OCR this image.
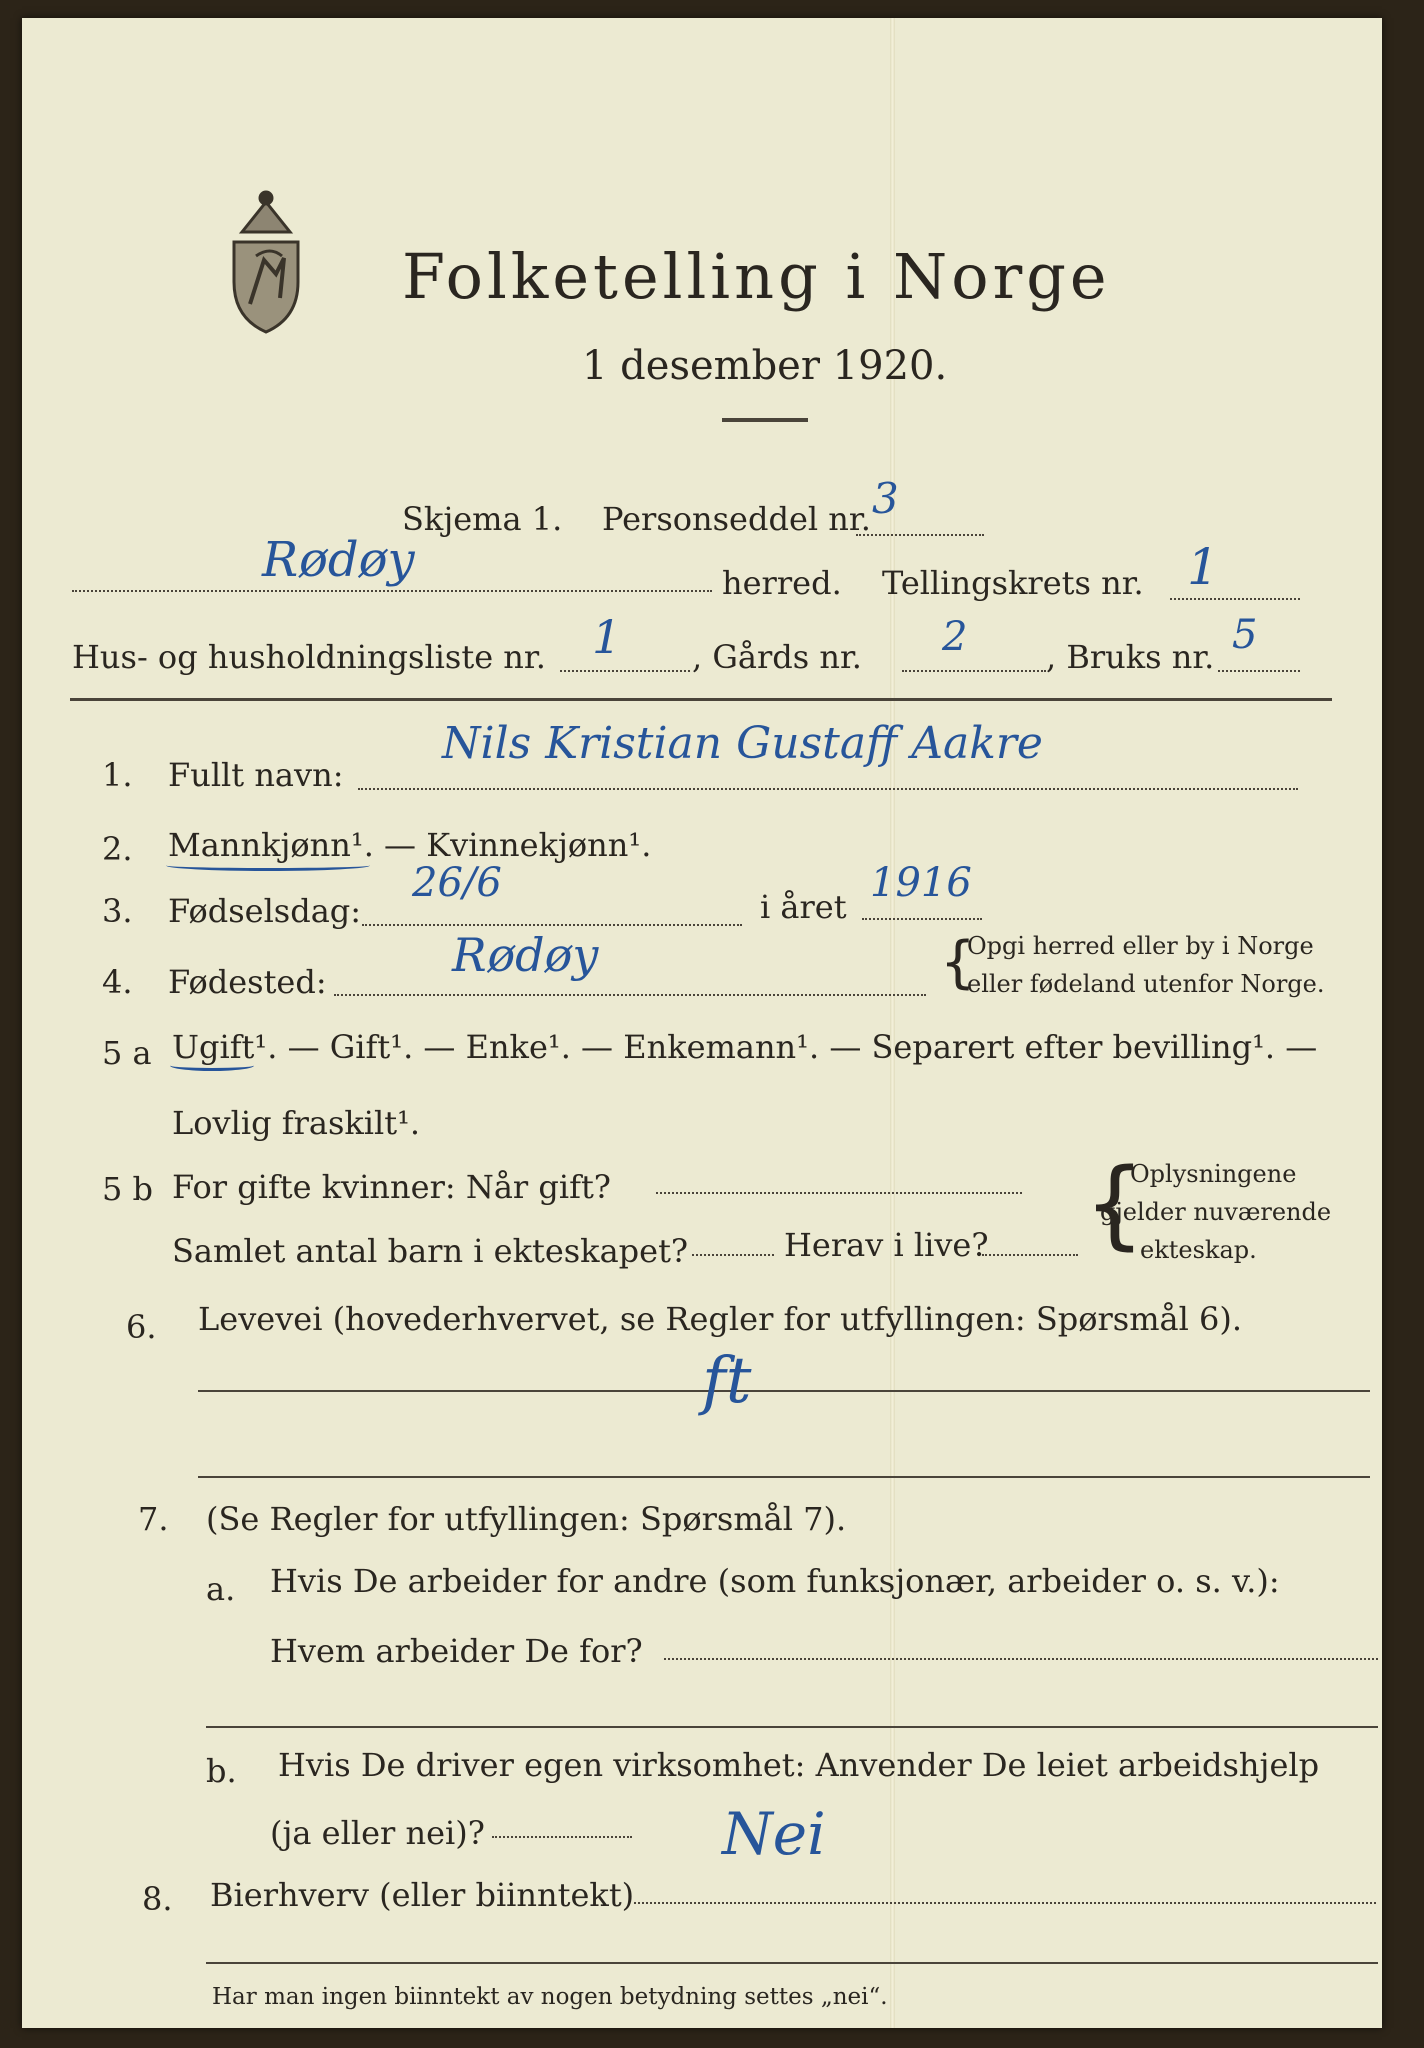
Folketelling i Norge
1 desember 1920.
Skjema 1. Personseddel nr. 3
Rødøy	herred. Tellingskrets nr. 1
Hus- og husholdningsliste nr. 1 , Gårds nr. 2 , Bruks nr. 5
1. Fullt navn:
Nils Kristian Gustaff Aakre
2. Mannkjønn¹. — Kvinnekjønn¹.
3. Fødselsdag:
26/6
i året
1916
4. Fødested:	Rødøy	{
Opgi herred eller by i Norge
eller fødeland utenfor Norge.
5 a Ugift¹. — Gift¹. — Enke¹. — Enkemann¹. — Separert efter bevilling¹. —
Lovlig fraskilt¹.
5 b For gifte kvinner: Når gift?
Samlet antal barn i ekteskapet?	Herav i live? {
Oplysningene
gjelder nuværende
ekteskap.
6. Levevei (hovederhvervet, se Regler for utfyllingen: Spørsmål 6).
ft
7. (Se Regler for utfyllingen: Spørsmål 7).
a. Hvis De arbeider for andre (som funksjonær, arbeider o. s. v.):
Hvem arbeider De for?
b. Hvis De driver egen virksomhet: Anvender De leiet arbeidshjelp
(ja eller nei)?	Nei
8. Bierhverv (eller biinntekt)
Har man ingen biinntekt av nogen betydning settes „nei“.
